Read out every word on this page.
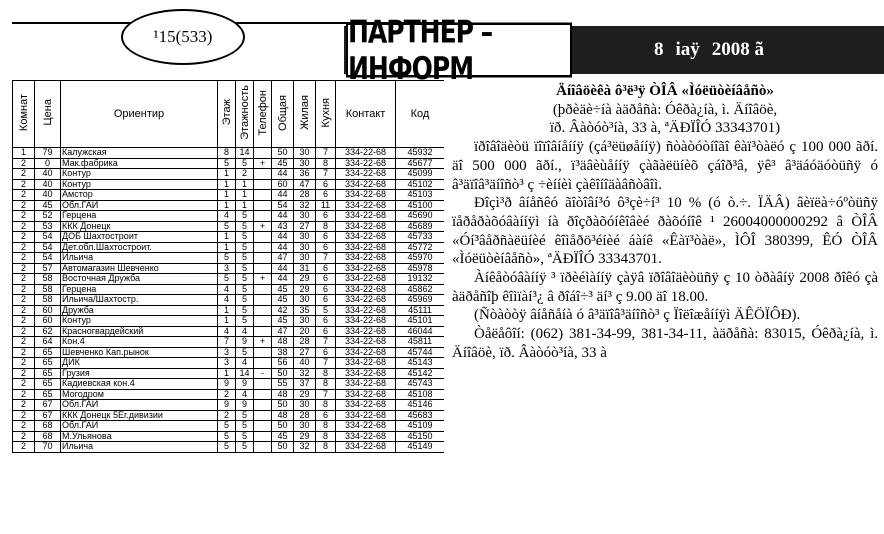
¹15(533)	ПАРТНЕР – ИНФОРМ
8 iaÿ 2008 ã
Комнат	Цена	Ориентир	Этаж	Этажность	Телефон	Общая	Жилая	Кухня	Контакт	Код
1	79	Калужская	8	14		50	30	7	334-22-68	45932
2	0	Мак.фабрика	5	5	+	45	30	8	334-22-68	45677
2	40	Контур	1	2		44	36	7	334-22-68	45099
2	40	Контур	1	1		60	47	6	334-22-68	45102
2	40	Амстор	1	1		44	28	6	334-22-68	45103
2	45	Обл.ГАИ	1	1		54	32	11	334-22-68	45100
2	52	Герцена	4	5		44	30	6	334-22-68	45690
2	53	ККК Донецк	5	5	+	43	27	8	334-22-68	45689
2	54	ДОБ Шахтостроит	1	5		44	30	6	334-22-68	45733
2	54	Дет.обл.Шахтостроит.	1	5		44	30	6	334-22-68	45772
2	54	Ильича	5	5		47	30	7	334-22-68	45970
2	57	Автомагазин Шевченко	3	5		44	31	6	334-22-68	45978
2	58	Восточная Дружба	5	5	+	44	29	6	334-22-68	19132
2	58	Герцена	4	5		45	29	6	334-22-68	45862
2	58	Ильича/Шахтостр.	4	5		45	30	6	334-22-68	45969
2	60	Дружба	1	5		42	35	5	334-22-68	45111
2	60	Контур	1	5		45	30	6	334-22-68	45101
2	62	Красногвардейский	4	4		47	20	6	334-22-68	46044
2	64	Кон.4	7	9	+	48	28	7	334-22-68	45811
2	65	Шевченко Кап.рынок	3	5		38	27	6	334-22-68	45744
2	65	ДИК	3	4		56	40	7	334-22-68	45143
2	65	Грузия	1	14	-	50	32	8	334-22-68	45142
2	65	Кадиевская кон.4	9	9		55	37	8	334-22-68	45743
2	65	Могодром	2	4		48	29	7	334-22-68	45108
2	67	Обл.ГАИ	9	9		50	30	8	334-22-68	45146
2	67	ККК Донецк 5Ег.дивизии	2	5		48	28	6	334-22-68	45683
2	68	Обл.ГАИ	5	5		50	30	8	334-22-68	45109
2	68	М.Ульянова	5	5		45	29	8	334-22-68	45150
2	70	Ильича	5	5		50	32	8	334-22-68	45149
Äíîâöèêà ô³ë³ÿ ÒÎÂ «Ìóëüòèíâåñò»
(þðèäè÷íà àäðåñà: Óêðà¿íà, ì. Äíîâöè,
ïð. Âàòóò³íà, 33 à, ªÄÐÏÎÓ 33343701)

ïðîâîäèòü ïîïîâíåííÿ (çá³ëüøåííÿ) ñòàòóòíîãî êàï³òàëó ç 100 000 ãðí. äî 500 000 ãðí., ï³äâèùåííÿ çàãàëüíèõ çáîð³â, ÿê³ â³äáóäóòüñÿ ó â³äïîâ³äíîñò³ ç ÷èííèì çàêîíîäàâñòâîì.

Ðîçì³ð âíåñêó ãîòîâí³ó ô³çè÷í³ 10 % (ó ò.÷. ÏÄÂ) âèïëà÷óºòüñÿ ïåðåðàõóâàííÿì íà ðîçðàõóíêîâèé ðàõóíîê ¹ 26004000000292 â ÒÎÂ «Óí³âåðñàëüíèé êîìåðö³éíèé áàíê «Êàï³òàë», ÌÔÎ 380399, ÊÓ ÒÎÂ «Ìóëüòèíâåñò», ªÄÐÏÎÓ 33343701.

Àíêåòóâàííÿ ³ ïðèéìàííÿ çàÿâ ïðîâîäèòüñÿ ç 10 òðàâíÿ 2008 ðîêó çà àäðåñîþ êîìïàí³¿ â ðîáî÷³ äí³ ç 9.00 äî 18.00.

(Ñòàòòÿ âíåñåíà ó â³äïîâ³äíîñò³ ç Ïîëîæåííÿì ÄÊÖÏÔÐ).

Òåëåôîí: (062) 381-34-99, 381-34-11, àäðåñà: 83015, Óêðà¿íà, ì. Äíîâöè, ïð. Âàòóò³íà, 33 à
